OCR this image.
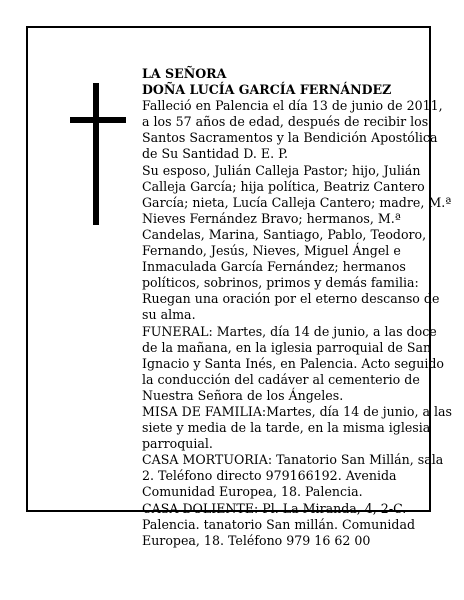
LA SEÑORA

DOÑA LUCÍA GARCÍA FERNÁNDEZ

Falleció en Palencia el día 13 de junio de 2011, a los 57 años de edad, después de recibir los Santos Sacramentos y la Bendición Apostólica de Su Santidad D. E. P.

Su esposo, Julián Calleja Pastor; hijo, Julián Calleja García; hija política, Beatriz Cantero García; nieta, Lucía Calleja Cantero; madre, M.ª Nieves Fernández Bravo; hermanos, M.ª Candelas, Marina, Santiago, Pablo, Teodoro, Fernando, Jesús, Nieves, Miguel Ángel e Inmaculada García Fernández; hermanos políticos, sobrinos, primos y demás familia:

Ruegan una oración por el eterno descanso de su alma.

FUNERAL: Martes, día 14 de junio, a las doce de la mañana, en la iglesia parroquial de San Ignacio y Santa Inés, en Palencia. Acto seguido la conducción del cadáver al cementerio de Nuestra Señora de los Ángeles.

MISA DE FAMILIA:Martes, día 14 de junio, a las siete y media de la tarde, en la misma iglesia parroquial.

CASA MORTUORIA: Tanatorio San Millán, sala 2. Teléfono directo 979166192. Avenida Comunidad Europea, 18. Palencia.

CASA DOLIENTE: Pl. La Miranda, 4, 2-C. Palencia. tanatorio San millán. Comunidad Europea, 18. Teléfono 979 16 62 00
